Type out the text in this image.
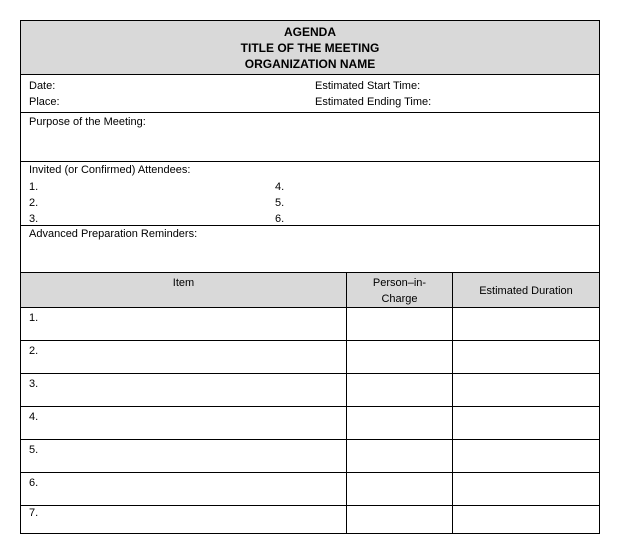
AGENDA
TITLE OF THE MEETING
ORGANIZATION NAME
Date:
Place:
Estimated Start Time:
Estimated Ending Time:
Purpose of the Meeting:
Invited (or Confirmed) Attendees:
1.
2.
3.
4.
5.
6.
Advanced Preparation Reminders:
Item	Person–in-
Charge
Estimated Duration
1.
2.
3.
4.
5.
6.
7.
